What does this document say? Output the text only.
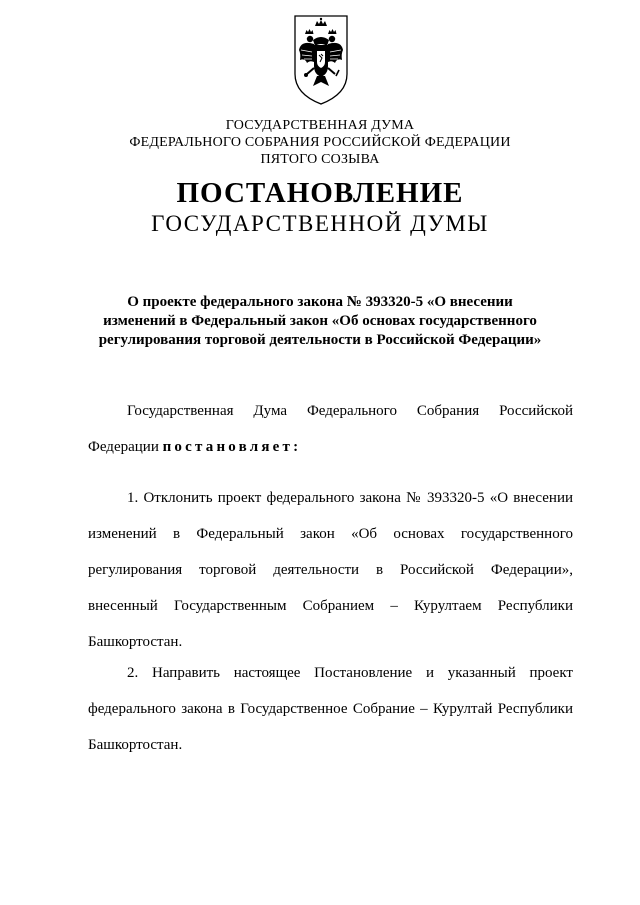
ГОСУДАРСТВЕННАЯ ДУМА
ФЕДЕРАЛЬНОГО СОБРАНИЯ РОССИЙСКОЙ ФЕДЕРАЦИИ
ПЯТОГО СОЗЫВА
ПОСТАНОВЛЕНИЕ
ГОСУДАРСТВЕННОЙ ДУМЫ
О проекте федерального закона № 393320-5 «О внесении
изменений в Федеральный закон «Об основах государственного
регулирования торговой деятельности в Российской Федерации»
Государственная Дума Федерального Собрания Российской
Федерации постановляет:
1. Отклонить проект федерального закона № 393320-5 «О внесении
изменений в Федеральный закон «Об основах государственного
регулирования торговой деятельности в Российской Федерации»,
внесенный Государственным Собранием – Курултаем Республики
Башкортостан.
2. Направить настоящее Постановление и указанный проект
федерального закона в Государственное Собрание – Курултай Республики
Башкортостан.
